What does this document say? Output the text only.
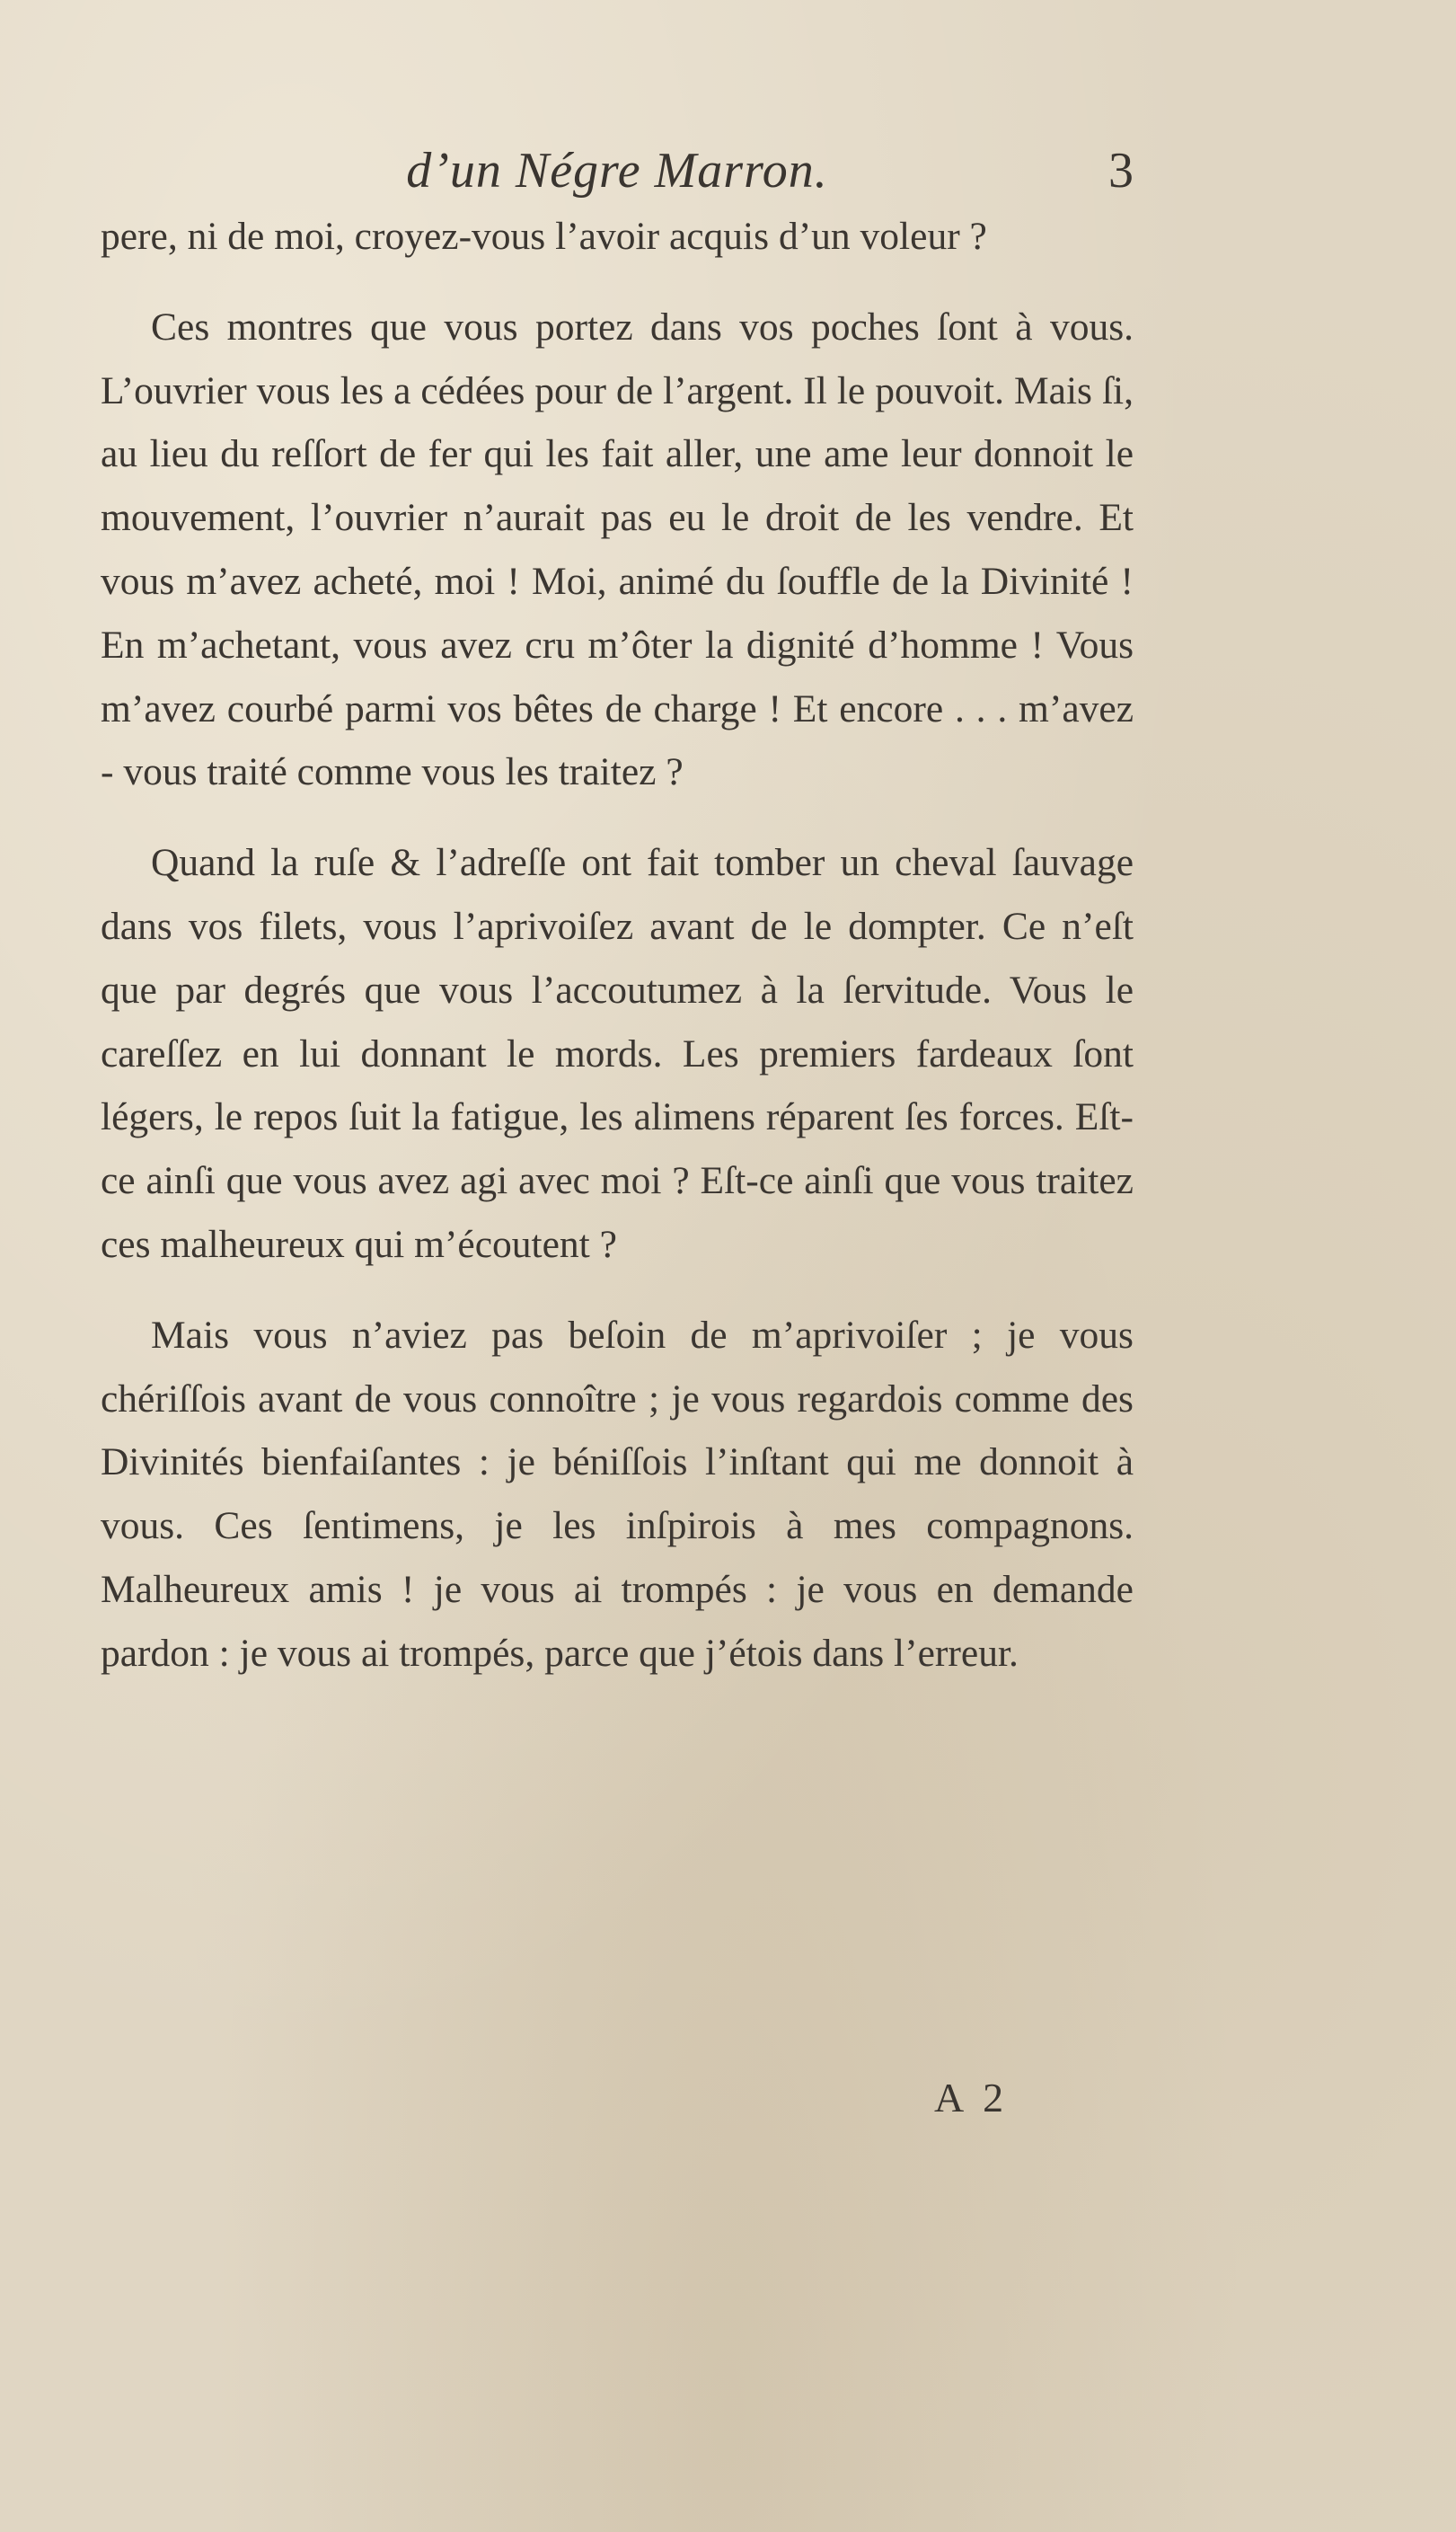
d’un Négre Marron.	3

pere, ni de moi, croyez-vous l’avoir acquis d’un voleur ?

Ces montres que vous portez dans vos poches ſont à vous. L’ouvrier vous les a cédées pour de l’argent. Il le pouvoit. Mais ſi, au lieu du reſſort de fer qui les fait aller, une ame leur donnoit le mouvement, l’ouvrier n’aurait pas eu le droit de les vendre. Et vous m’avez acheté, moi ! Moi, animé du ſouffle de la Divinité ! En m’achetant, vous avez cru m’ôter la dignité d’homme ! Vous m’avez courbé parmi vos bêtes de charge ! Et encore . . . m’avez - vous traité comme vous les traitez ?

Quand la ruſe & l’adreſſe ont fait tomber un cheval ſauvage dans vos filets, vous l’aprivoiſez avant de le dompter. Ce n’eſt que par degrés que vous l’accoutumez à la ſervitude. Vous le careſſez en lui donnant le mords. Les premiers fardeaux ſont légers, le repos ſuit la fatigue, les alimens réparent ſes forces. Eſt-ce ainſi que vous avez agi avec moi ? Eſt-ce ainſi que vous traitez ces malheureux qui m’écoutent ?

Mais vous n’aviez pas beſoin de m’aprivoiſer ; je vous chériſſois avant de vous connoître ; je vous regardois comme des Divinités bienfaiſantes : je béniſſois l’inſtant qui me donnoit à vous. Ces ſentimens, je les inſpirois à mes compagnons. Malheureux amis ! je vous ai trompés : je vous en demande pardon : je vous ai trompés, parce que j’étois dans l’erreur.

A 2
